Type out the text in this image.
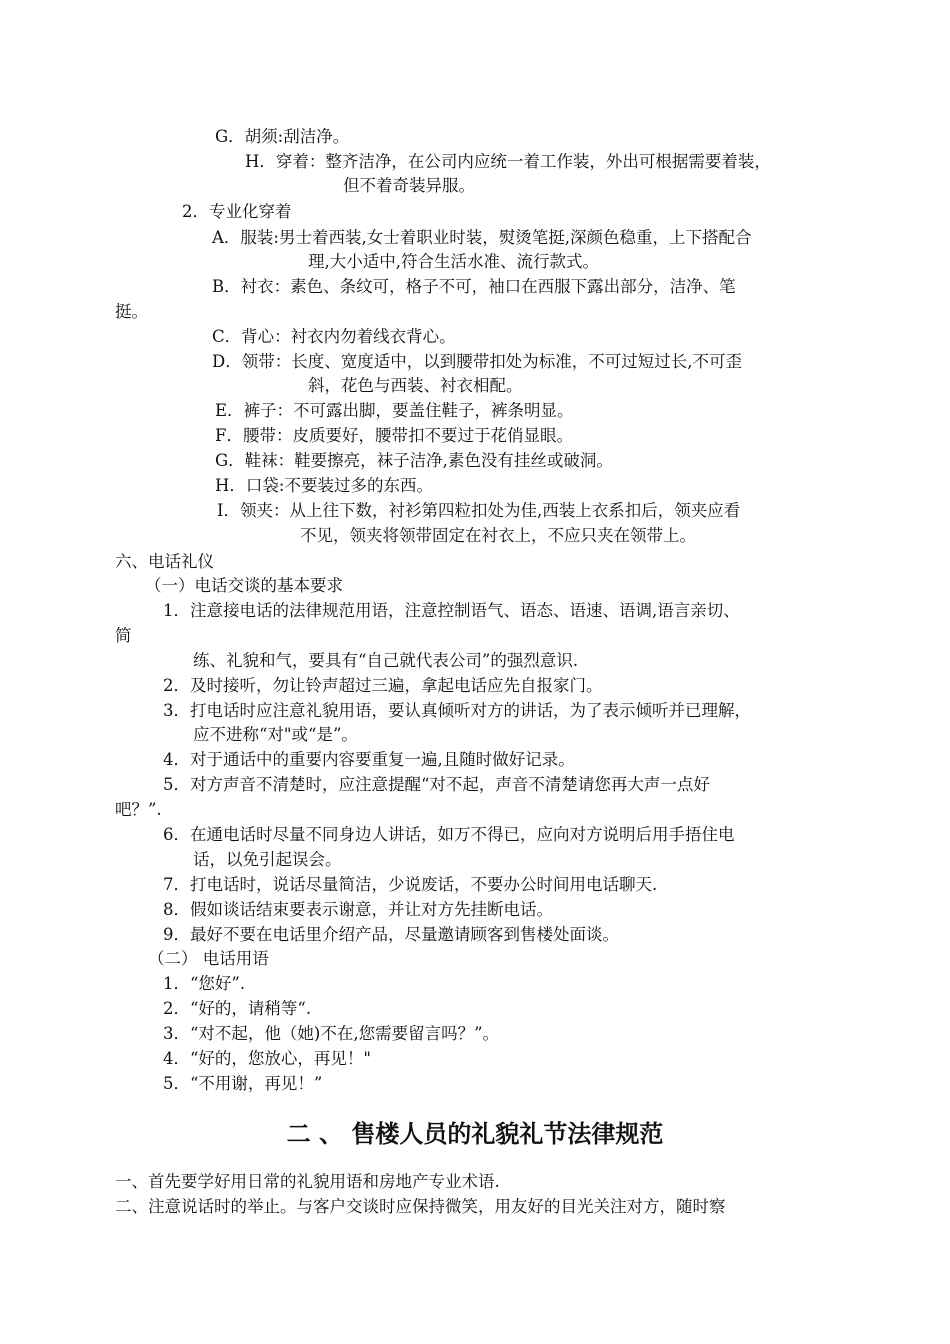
G．胡须:刮洁净。
H．穿着：整齐洁净，在公司内应统一着工作装，外出可根据需要着装，
但不着奇装异服。
2．专业化穿着
A．服装:男士着西装,女士着职业时装，熨烫笔挺,深颜色稳重，上下搭配合
理,大小适中,符合生活水准、流行款式。
B．衬衣：素色、条纹可，格子不可，袖口在西服下露出部分，洁净、笔
挺。
C．背心：衬衣内勿着线衣背心。
D．领带：长度、宽度适中，以到腰带扣处为标准，不可过短过长,不可歪
斜，花色与西装、衬衣相配。
E．裤子：不可露出脚，要盖住鞋子，裤条明显。
F．腰带：皮质要好，腰带扣不要过于花俏显眼。
G．鞋袜：鞋要擦亮，袜子洁净,素色没有挂丝或破洞。
H．口袋:不要装过多的东西。
I．领夹：从上往下数，衬衫第四粒扣处为佳,西装上衣系扣后，领夹应看
不见，领夹将领带固定在衬衣上，不应只夹在领带上。
六、电话礼仪
（一）电话交谈的基本要求
1．注意接电话的法律规范用语，注意控制语气、语态、语速、语调,语言亲切、
简
练、礼貌和气，要具有“自己就代表公司”的强烈意识.
2．及时接听，勿让铃声超过三遍，拿起电话应先自报家门。
3．打电话时应注意礼貌用语，要认真倾听对方的讲话，为了表示倾听并已理解，
应不进称“对"或“是”。
4．对于通话中的重要内容要重复一遍,且随时做好记录。
5．对方声音不清楚时，应注意提醒“对不起，声音不清楚请您再大声一点好
吧？”.
6．在通电话时尽量不同身边人讲话，如万不得已，应向对方说明后用手捂住电
话，以免引起误会。
7．打电话时，说话尽量简洁，少说废话，不要办公时间用电话聊天.
8．假如谈话结束要表示谢意，并让对方先挂断电话。
9．最好不要在电话里介绍产品，尽量邀请顾客到售楼处面谈。
（二） 电话用语
1．“您好”.
2．“好的，请稍等“.
3．“对不起，他（她)不在,您需要留言吗？”。
4．“好的，您放心，再见！"
5．“不用谢，再见！”
二 、 售楼人员的礼貌礼节法律规范
一、首先要学好用日常的礼貌用语和房地产专业术语.
二、注意说话时的举止。与客户交谈时应保持微笑，用友好的目光关注对方，随时察
